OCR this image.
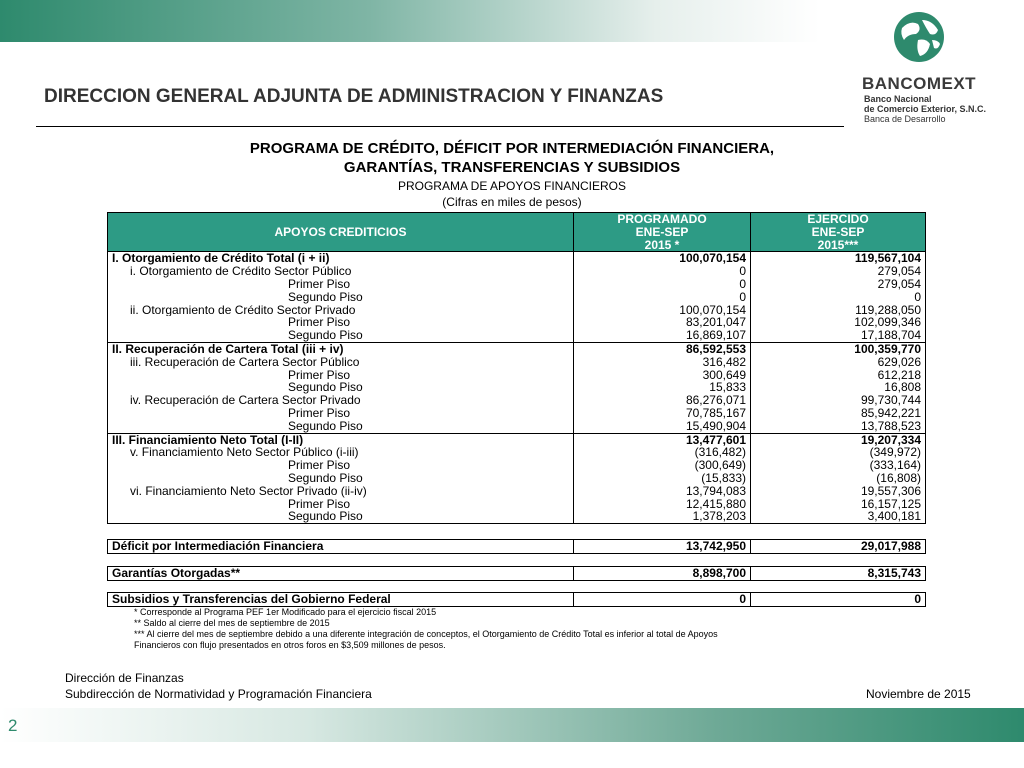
BANCOMEXT
Banco Nacional
de Comercio Exterior, S.N.C.
Banca de Desarrollo
DIRECCION GENERAL ADJUNTA DE ADMINISTRACION Y FINANZAS
PROGRAMA DE CRÉDITO, DÉFICIT POR INTERMEDIACIÓN FINANCIERA,
GARANTÍAS, TRANSFERENCIAS Y SUBSIDIOS
PROGRAMA DE APOYOS FINANCIEROS
(Cifras en miles de pesos)
APOYOS CREDITICIOS	PROGRAMADO	EJERCIDO
	ENE-SEP	ENE-SEP
	2015 *	2015***
I. Otorgamiento de Crédito Total (i + ii)	100,070,154	119,567,104
i. Otorgamiento de Crédito Sector Público	0	279,054
Primer Piso	0	279,054
Segundo Piso	0	0
ii. Otorgamiento de Crédito Sector Privado	100,070,154	119,288,050
Primer Piso	83,201,047	102,099,346
Segundo Piso	16,869,107	17,188,704
II. Recuperación de Cartera Total (iii + iv)	86,592,553	100,359,770
iii. Recuperación de Cartera Sector Público	316,482	629,026
Primer Piso	300,649	612,218
Segundo Piso	15,833	16,808
iv. Recuperación de Cartera Sector Privado	86,276,071	99,730,744
Primer Piso	70,785,167	85,942,221
Segundo Piso	15,490,904	13,788,523
III. Financiamiento Neto Total (I-II)	13,477,601	19,207,334
v. Financiamiento Neto Sector Público (i-iii)	(316,482)	(349,972)
Primer Piso	(300,649)	(333,164)
Segundo Piso	(15,833)	(16,808)
vi. Financiamiento Neto Sector Privado (ii-iv)	13,794,083	19,557,306
Primer Piso	12,415,880	16,157,125
Segundo Piso	1,378,203	3,400,181
Déficit por Intermediación Financiera	13,742,950	29,017,988
Garantías Otorgadas**	8,898,700	8,315,743
Subsidios y Transferencias del Gobierno Federal	0	0
* Corresponde al Programa PEF 1er Modificado para el ejercicio fiscal 2015
** Saldo al cierre del mes de septiembre de 2015
*** Al cierre del mes de septiembre debido a una diferente integración de conceptos, el Otorgamiento de Crédito Total es inferior al total de Apoyos
Financieros con flujo presentados en otros foros en $3,509 millones de pesos.
Dirección de Finanzas
Subdirección de Normatividad y Programación Financiera	Noviembre de 2015
2
